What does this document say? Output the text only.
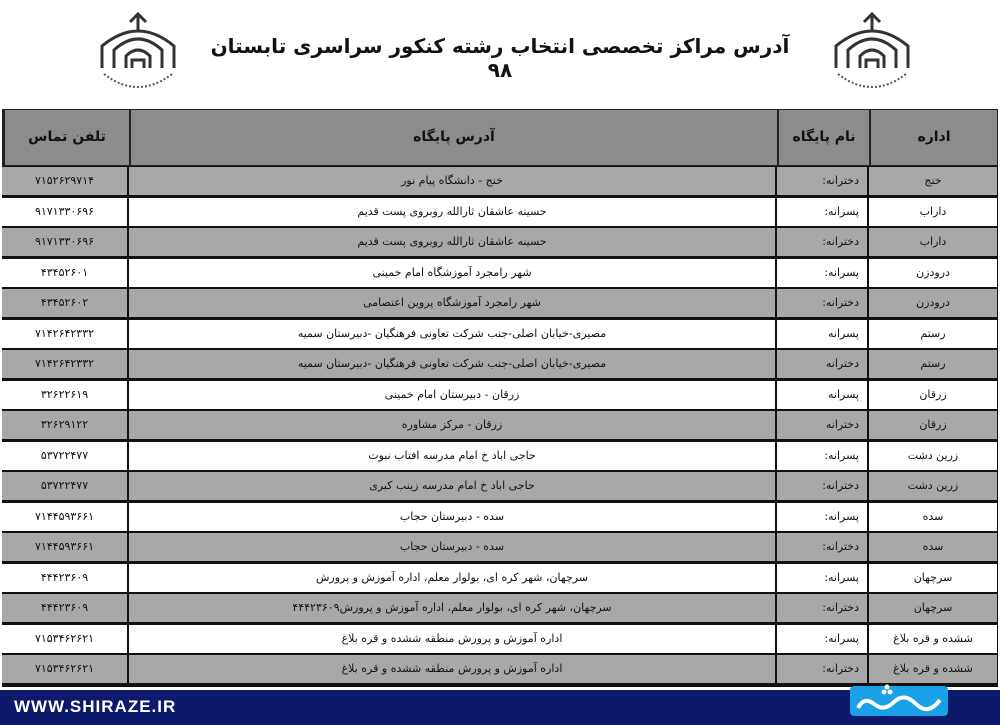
آدرس مراکز تخصصی انتخاب رشته کنکور سراسری تابستان ۹۸
تلفن تماس	آدرس پایگاه	نام پایگاه	اداره
۷۱۵۲۶۲۹۷۱۴	خنج - دانشگاه پیام نور	دخترانه:	خنج
۹۱۷۱۳۳۰۶۹۶	حسینه عاشقان ثارالله روبروی پست قدیم	پسرانه:	داراب
۹۱۷۱۳۳۰۶۹۶	حسینه عاشقان ثارالله روبروی پست قدیم	دخترانه:	داراب
۴۳۴۵۲۶۰۱	شهر رامجرد آموزشگاه امام خمینی	پسرانه:	درودزن
۴۳۴۵۲۶۰۲	شهر رامجرد آموزشگاه پروین اعتصامی	دخترانه:	درودزن
۷۱۴۲۶۴۲۳۳۲	مصیری-خیابان اصلی-جنب شرکت تعاونی فرهنگیان -دبیرستان سمیه	پسرانه	رستم
۷۱۴۲۶۴۲۳۳۲	مصیری-خیابان اصلی-جنب شرکت تعاونی فرهنگیان -دبیرستان سمیه	دخترانه	رستم
۳۲۶۲۲۶۱۹	زرقان - دبیرستان امام خمینی	پسرانه	زرقان
۳۲۶۲۹۱۲۲	زرقان - مرکز مشاوره	دخترانه	زرقان
۵۳۷۲۲۴۷۷	حاجی اباد خ امام مدرسه افتاب نبوت	پسرانه:	زرین دشت
۵۳۷۲۲۴۷۷	حاجی اباد خ امام مدرسه زینب کبری	دخترانه:	زرین دشت
۷۱۴۴۵۹۳۶۶۱	سده - دبیرستان حجاب	پسرانه:	سده
۷۱۴۴۵۹۳۶۶۱	سده - دبیرستان حجاب	دخترانه:	سده
۴۴۴۲۳۶۰۹	سرچهان، شهر کره ای، بولوار معلم، اداره آموزش و پرورش	پسرانه:	سرچهان
۴۴۴۲۳۶۰۹	سرچهان، شهر کره ای، بولوار معلم، اداره آموزش و پرورش۴۴۴۲۳۶۰۹	دخترانه:	سرچهان
۷۱۵۳۴۶۲۶۲۱	اداره آموزش و پرورش منطقه ششده و قره بلاغ	پسرانه:	ششده و قره بلاغ
۷۱۵۳۴۶۲۶۲۱	اداره آموزش و پرورش منطقه ششده و قره بلاغ	دخترانه:	ششده و قره بلاغ
WWW.SHIRAZE.IR
